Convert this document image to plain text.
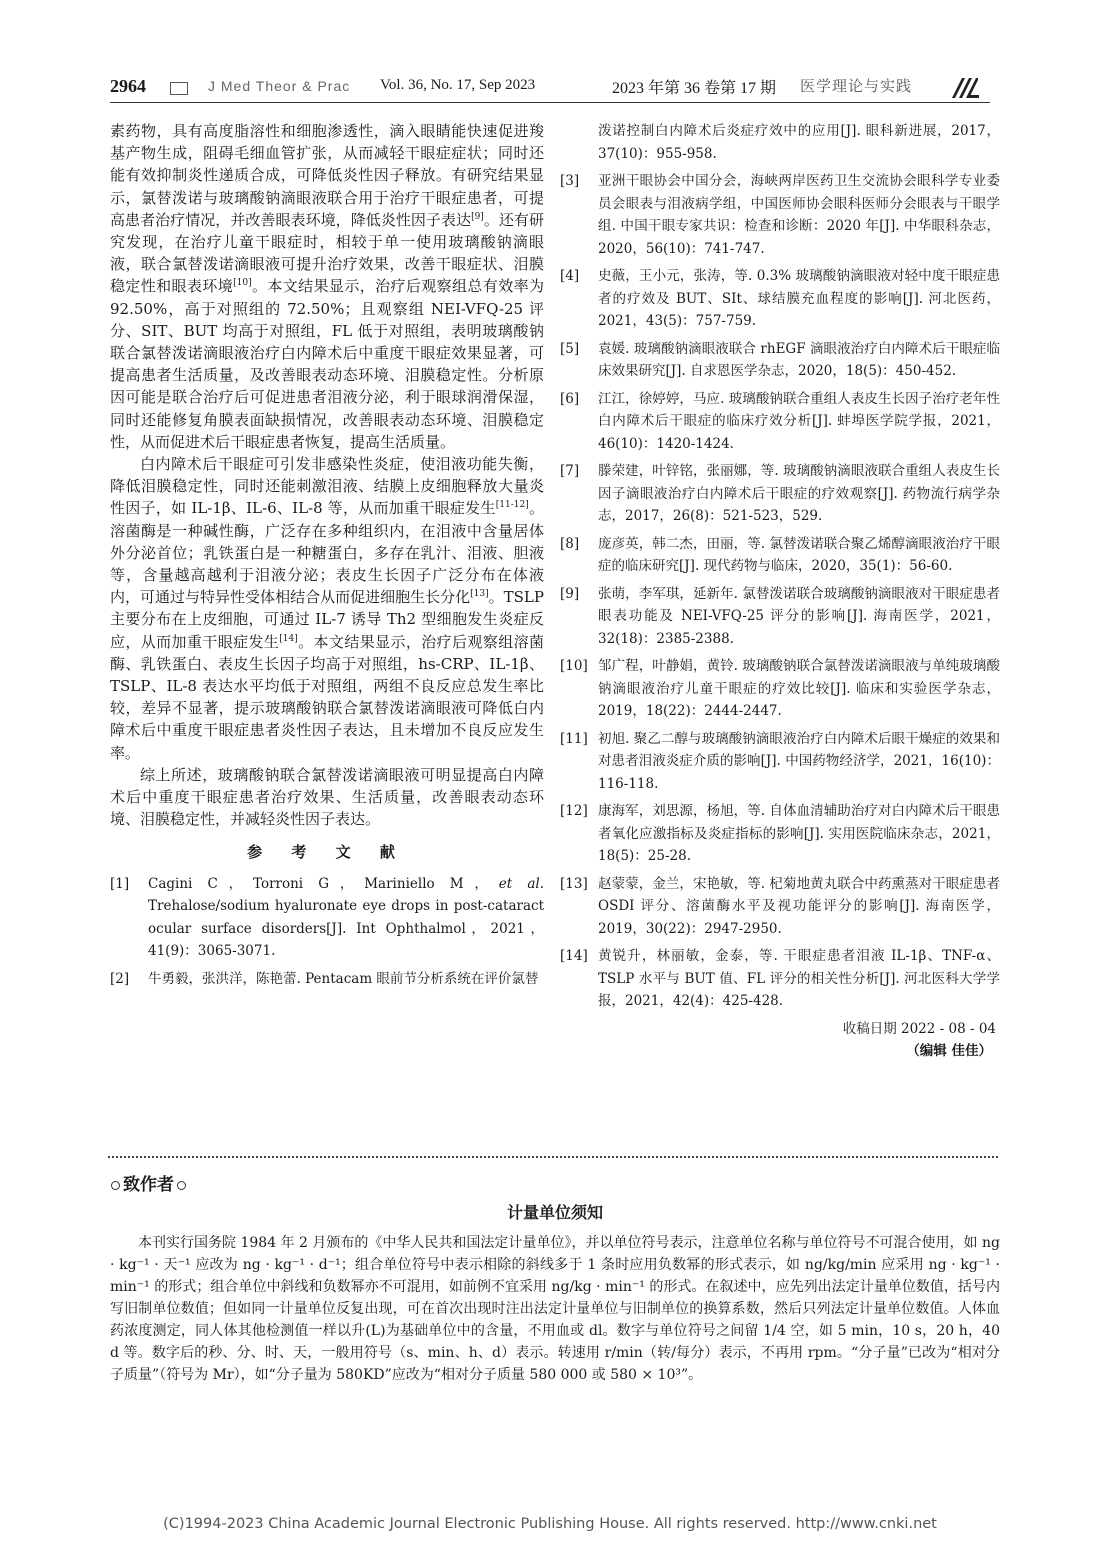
2964	J Med Theor & Prac Vol. 36, No. 17, Sep 2023	2023 年第 36 卷第 17 期 医学理论与实践

素药物，具有高度脂溶性和细胞渗透性，滴入眼睛能快速促进羧基产物生成，阻碍毛细血管扩张，从而减轻干眼症症状；同时还能有效抑制炎性递质合成，可降低炎性因子释放。有研究结果显示，氯替泼诺与玻璃酸钠滴眼液联合用于治疗干眼症患者，可提高患者治疗情况，并改善眼表环境，降低炎性因子表达[9]。还有研究发现，在治疗儿童干眼症时，相较于单一使用玻璃酸钠滴眼液，联合氯替泼诺滴眼液可提升治疗效果，改善干眼症状、泪膜稳定性和眼表环境[10]。本文结果显示，治疗后观察组总有效率为 92.50%，高于对照组的 72.50%；且观察组 NEI-VFQ-25 评分、SIT、BUT 均高于对照组，FL 低于对照组，表明玻璃酸钠联合氯替泼诺滴眼液治疗白内障术后中重度干眼症效果显著，可提高患者生活质量，及改善眼表动态环境、泪膜稳定性。分析原因可能是联合治疗后可促进患者泪液分泌，利于眼球润滑保湿，同时还能修复角膜表面缺损情况，改善眼表动态环境、泪膜稳定性，从而促进术后干眼症患者恢复，提高生活质量。

白内障术后干眼症可引发非感染性炎症，使泪液功能失衡，降低泪膜稳定性，同时还能刺激泪液、结膜上皮细胞释放大量炎性因子，如 IL-1β、IL-6、IL-8 等，从而加重干眼症发生[11-12]。溶菌酶是一种碱性酶，广泛存在多种组织内，在泪液中含量居体外分泌首位；乳铁蛋白是一种糖蛋白，多存在乳汁、泪液、胆液等，含量越高越利于泪液分泌；表皮生长因子广泛分布在体液内，可通过与特异性受体相结合从而促进细胞生长分化[13]。TSLP 主要分布在上皮细胞，可通过 IL-7 诱导 Th2 型细胞发生炎症反应，从而加重干眼症发生[14]。本文结果显示，治疗后观察组溶菌酶、乳铁蛋白、表皮生长因子均高于对照组，hs-CRP、IL-1β、TSLP、IL-8 表达水平均低于对照组，两组不良反应总发生率比较，差异不显著，提示玻璃酸钠联合氯替泼诺滴眼液可降低白内障术后中重度干眼症患者炎性因子表达，且未增加不良反应发生率。

综上所述，玻璃酸钠联合氯替泼诺滴眼液可明显提高白内障术后中重度干眼症患者治疗效果、生活质量，改善眼表动态环境、泪膜稳定性，并减轻炎性因子表达。

参 考 文 献
[1] Cagini C，Torroni G，Mariniello M，et al. Trehalose/sodium hyaluronate eye drops in post-cataract ocular surface disorders[J]. Int Ophthalmol，2021，41(9)：3065-3071.
[2] 牛勇毅，张洪洋，陈艳蕾. Pentacam 眼前节分析系统在评价氯替
泼诺控制白内障术后炎症疗效中的应用[J]. 眼科新进展，2017，37(10)：955-958.
[3] 亚洲干眼协会中国分会，海峡两岸医药卫生交流协会眼科学专业委员会眼表与泪液病学组，中国医师协会眼科医师分会眼表与干眼学组. 中国干眼专家共识：检查和诊断：2020 年[J]. 中华眼科杂志，2020，56(10)：741-747.
[4] 史薇，王小元，张涛，等. 0.3% 玻璃酸钠滴眼液对轻中度干眼症患者的疗效及 BUT、SIt、球结膜充血程度的影响[J]. 河北医药，2021，43(5)：757-759.
[5] 袁媛. 玻璃酸钠滴眼液联合 rhEGF 滴眼液治疗白内障术后干眼症临床效果研究[J]. 自求恩医学杂志，2020，18(5)：450-452.
[6] 江江，徐婷婷，马应. 玻璃酸钠联合重组人表皮生长因子治疗老年性白内障术后干眼症的临床疗效分析[J]. 蚌埠医学院学报，2021，46(10)：1420-1424.
[7] 滕荣建，叶锌铭，张丽娜，等. 玻璃酸钠滴眼液联合重组人表皮生长因子滴眼液治疗白内障术后干眼症的疗效观察[J]. 药物流行病学杂志，2017，26(8)：521-523，529.
[8] 庞彦英，韩二杰，田丽，等. 氯替泼诺联合聚乙烯醇滴眼液治疗干眼症的临床研究[J]. 现代药物与临床，2020，35(1)：56-60.
[9] 张萌，李军琪，延新年. 氯替泼诺联合玻璃酸钠滴眼液对干眼症患者眼表功能及 NEI-VFQ-25 评分的影响[J]. 海南医学，2021，32(18)：2385-2388.
[10] 邹广程，叶静娟，黄铃. 玻璃酸钠联合氯替泼诺滴眼液与单纯玻璃酸钠滴眼液治疗儿童干眼症的疗效比较[J]. 临床和实验医学杂志，2019，18(22)：2444-2447.
[11] 初旭. 聚乙二醇与玻璃酸钠滴眼液治疗白内障术后眼干燥症的效果和对患者泪液炎症介质的影响[J]. 中国药物经济学，2021，16(10)：116-118.
[12] 康海军，刘思源，杨旭，等. 自体血清辅助治疗对白内障术后干眼患者氧化应激指标及炎症指标的影响[J]. 实用医院临床杂志，2021，18(5)：25-28.
[13] 赵蒙蒙，金兰，宋艳敏，等. 杞菊地黄丸联合中药熏蒸对干眼症患者 OSDI 评分、溶菌酶水平及视功能评分的影响[J]. 海南医学，2019，30(22)：2947-2950.
[14] 黄锐升，林丽敏，金泰，等. 干眼症患者泪液 IL-1β、TNF-α、TSLP 水平与 BUT 值、FL 评分的相关性分析[J]. 河北医科大学学报，2021，42(4)：425-428.
收稿日期 2022 - 08 - 04
（编辑 佳佳）
致作者
计量单位须知

本刊实行国务院 1984 年 2 月颁布的《中华人民共和国法定计量单位》，并以单位符号表示，注意单位名称与单位符号不可混合使用，如 ng · kg⁻¹ · 天⁻¹ 应改为 ng · kg⁻¹ · d⁻¹；组合单位符号中表示相除的斜线多于 1 条时应用负数幂的形式表示，如 ng/kg/min 应采用 ng · kg⁻¹ · min⁻¹ 的形式；组合单位中斜线和负数幂亦不可混用，如前例不宜采用 ng/kg · min⁻¹ 的形式。在叙述中，应先列出法定计量单位数值，括号内写旧制单位数值；但如同一计量单位反复出现，可在首次出现时注出法定计量单位与旧制单位的换算系数，然后只列法定计量单位数值。人体血药浓度测定，同人体其他检测值一样以升(L)为基础单位中的含量，不用血或 dl。数字与单位符号之间留 1/4 空，如 5 min，10 s，20 h，40 d 等。数字后的秒、分、时、天，一般用符号（s、min、h、d）表示。转速用 r/min（转/每分）表示，不再用 rpm。“分子量”已改为“相对分子质量”（符号为 Mr），如“分子量为 580KD”应改为“相对分子质量 580 000 或 580 × 10³”。

(C)1994-2023 China Academic Journal Electronic Publishing House. All rights reserved. http://www.cnki.net
